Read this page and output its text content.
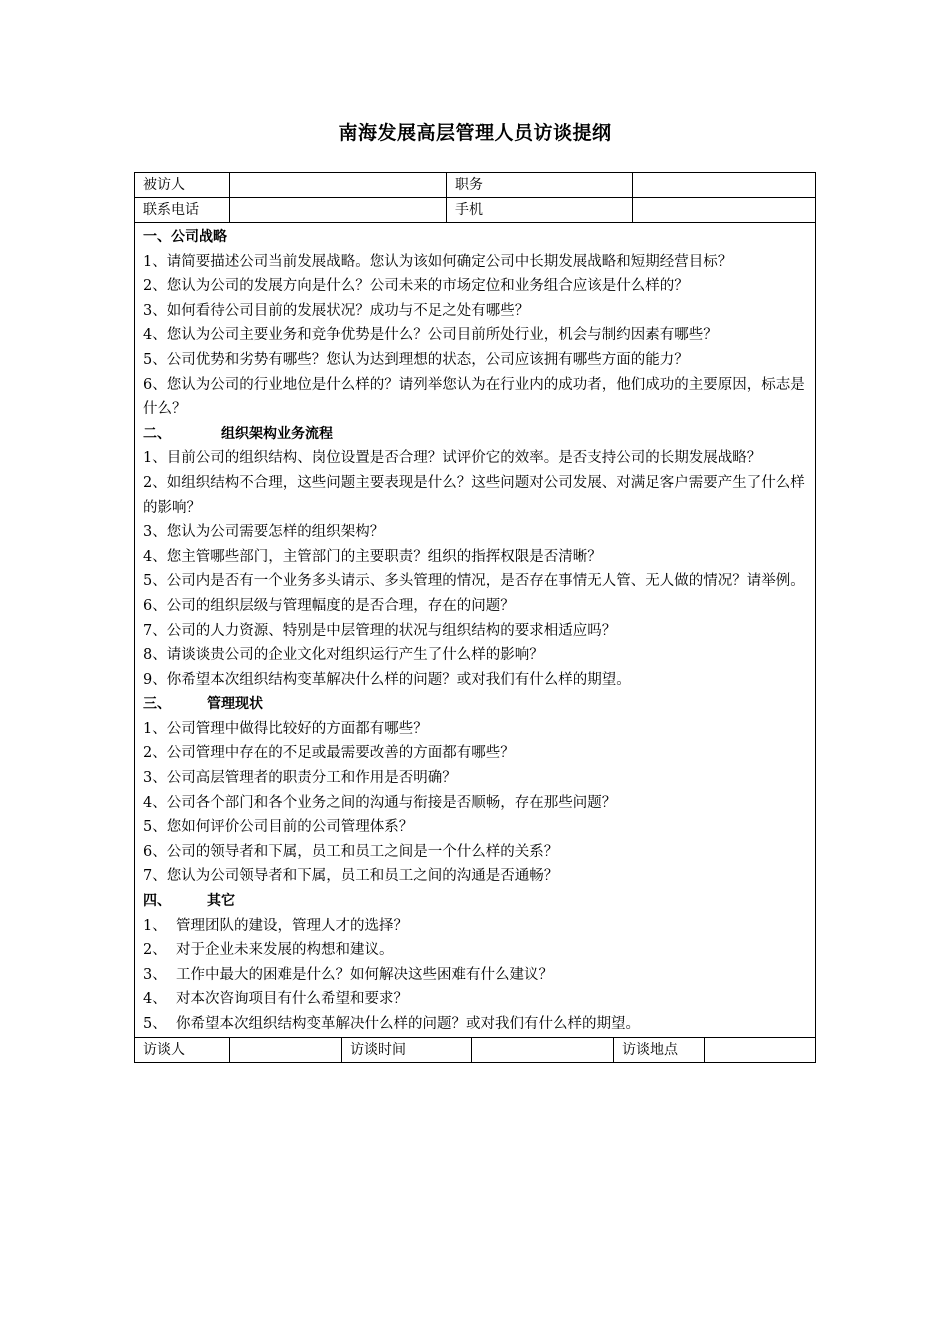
南海发展高层管理人员访谈提纲
被访人	职务
联系电话	手机

一、公司战略

1、请简要描述公司当前发展战略。您认为该如何确定公司中长期发展战略和短期经营目标？

2、您认为公司的发展方向是什么？公司未来的市场定位和业务组合应该是什么样的？

3、如何看待公司目前的发展状况？成功与不足之处有哪些？

4、您认为公司主要业务和竞争优势是什么？公司目前所处行业，机会与制约因素有哪些？

5、公司优势和劣势有哪些？您认为达到理想的状态，公司应该拥有哪些方面的能力？

6、您认为公司的行业地位是什么样的？请列举您认为在行业内的成功者，他们成功的主要原因，标志是什么？

二、	组织架构业务流程

1、目前公司的组织结构、岗位设置是否合理？试评价它的效率。是否支持公司的长期发展战略？

2、如组织结构不合理，这些问题主要表现是什么？这些问题对公司发展、对满足客户需要产生了什么样的影响？

3、您认为公司需要怎样的组织架构？

4、您主管哪些部门，主管部门的主要职责？组织的指挥权限是否清晰？

5、公司内是否有一个业务多头请示、多头管理的情况，是否存在事情无人管、无人做的情况？请举例。

6、公司的组织层级与管理幅度的是否合理，存在的问题？

7、公司的人力资源、特别是中层管理的状况与组织结构的要求相适应吗？

8、请谈谈贵公司的企业文化对组织运行产生了什么样的影响？

9、你希望本次组织结构变革解决什么样的问题？或对我们有什么样的期望。

三、	管理现状

1、公司管理中做得比较好的方面都有哪些？

2、公司管理中存在的不足或最需要改善的方面都有哪些？

3、公司高层管理者的职责分工和作用是否明确？

4、公司各个部门和各个业务之间的沟通与衔接是否顺畅，存在那些问题？

5、您如何评价公司目前的公司管理体系？

6、公司的领导者和下属，员工和员工之间是一个什么样的关系？

7、您认为公司领导者和下属，员工和员工之间的沟通是否通畅？

四、	其它

1、  管理团队的建设，管理人才的选择？

2、  对于企业未来发展的构想和建议。

3、  工作中最大的困难是什么？如何解决这些困难有什么建议？

4、  对本次咨询项目有什么希望和要求？

5、  你希望本次组织结构变革解决什么样的问题？或对我们有什么样的期望。

访谈人	访谈时间	访谈地点
